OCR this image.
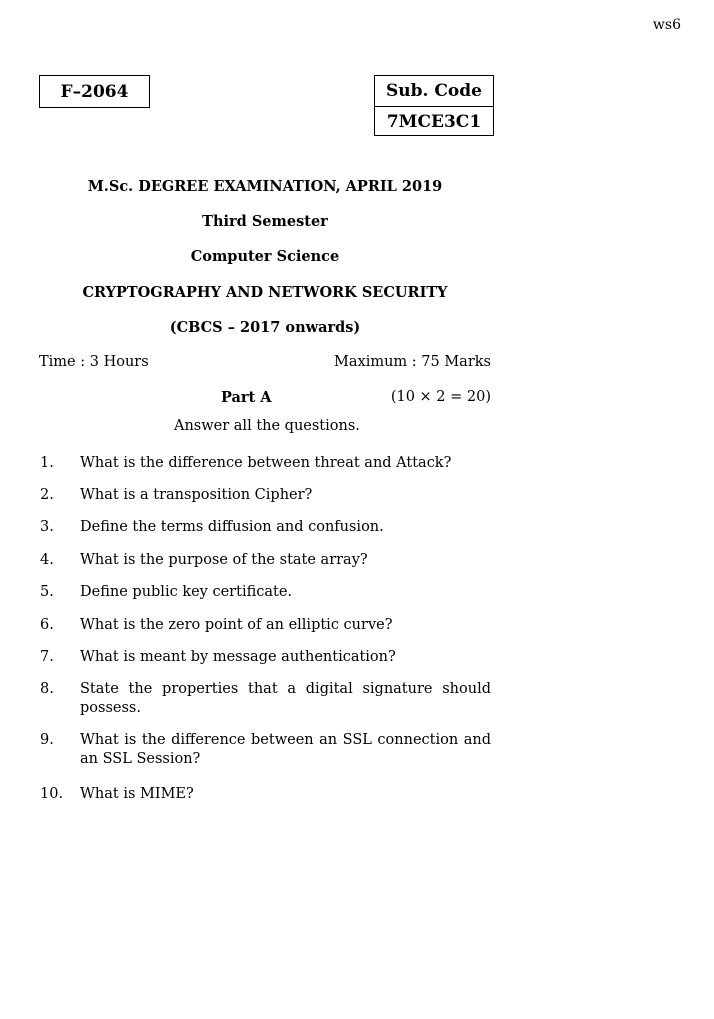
ws6
F–2064	Sub. Code
7MCE3C1
M.Sc. DEGREE EXAMINATION, APRIL 2019
Third Semester
Computer Science
CRYPTOGRAPHY AND NETWORK SECURITY
(CBCS – 2017 onwards)
Time : 3 Hours	Maximum : 75 Marks
Part A	(10 × 2 = 20)
Answer all the questions.
1. What is the difference between threat and Attack?
2. What is a transposition Cipher?
3. Define the terms diffusion and confusion.
4. What is the purpose of the state array?
5. Define public key certificate.
6. What is the zero point of an elliptic curve?
7. What is meant by message authentication?
8. State the properties that a digital signature should possess.
9. What is the difference between an SSL connection and an SSL Session?
10. What is MIME?
